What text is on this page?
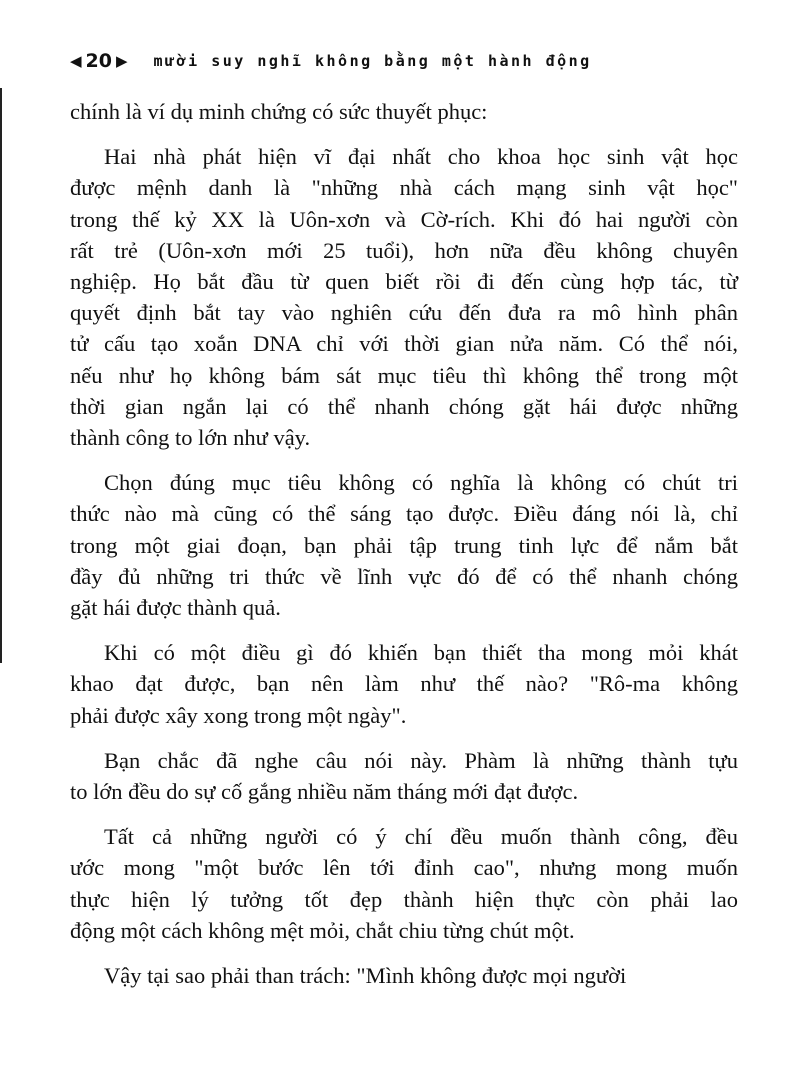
◀ 20 ▶ mười suy nghĩ không bằng một hành động

chính là ví dụ minh chứng có sức thuyết phục:

Hai nhà phát hiện vĩ đại nhất cho khoa học sinh vật học
được mệnh danh là "những nhà cách mạng sinh vật học"
trong thế kỷ XX là Uôn-xơn và Cờ-rích. Khi đó hai người còn
rất trẻ (Uôn-xơn mới 25 tuổi), hơn nữa đều không chuyên
nghiệp. Họ bắt đầu từ quen biết rồi đi đến cùng hợp tác, từ
quyết định bắt tay vào nghiên cứu đến đưa ra mô hình phân
tử cấu tạo xoắn DNA chỉ với thời gian nửa năm. Có thể nói,
nếu như họ không bám sát mục tiêu thì không thể trong một
thời gian ngắn lại có thể nhanh chóng gặt hái được những
thành công to lớn như vậy.

Chọn đúng mục tiêu không có nghĩa là không có chút tri
thức nào mà cũng có thể sáng tạo được. Điều đáng nói là, chỉ
trong một giai đoạn, bạn phải tập trung tinh lực để nắm bắt
đầy đủ những tri thức về lĩnh vực đó để có thể nhanh chóng
gặt hái được thành quả.

Khi có một điều gì đó khiến bạn thiết tha mong mỏi khát
khao đạt được, bạn nên làm như thế nào? "Rô-ma không
phải được xây xong trong một ngày".

Bạn chắc đã nghe câu nói này. Phàm là những thành tựu
to lớn đều do sự cố gắng nhiều năm tháng mới đạt được.

Tất cả những người có ý chí đều muốn thành công, đều
ước mong "một bước lên tới đỉnh cao", nhưng mong muốn
thực hiện lý tưởng tốt đẹp thành hiện thực còn phải lao
động một cách không mệt mỏi, chắt chiu từng chút một.

Vậy tại sao phải than trách: "Mình không được mọi người
